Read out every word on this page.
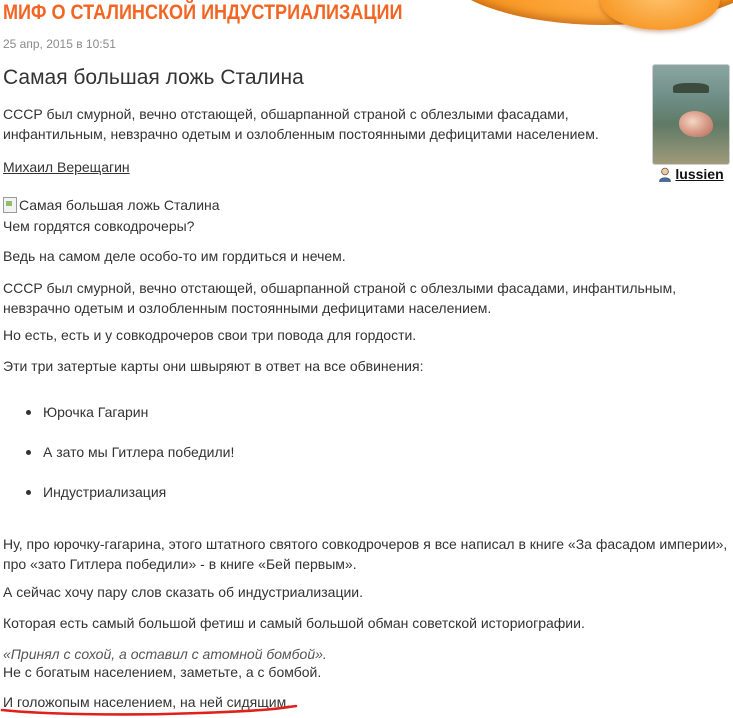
МИФ О СТАЛИНСКОЙ ИНДУСТРИАЛИЗАЦИИ
25 апр, 2015 в 10:51
Самая большая ложь Сталина
lussien

СССР был смурной, вечно отстающей, обшарпанной страной с облезлыми фасадами, инфантильным, невзрачно одетым и озлобленным постоянными дефицитами населением.

Михаил Верещагин
Самая большая ложь Сталина

Чем гордятся совкодрочеры?

Ведь на самом деле особо-то им гордиться и нечем.

СССР был смурной, вечно отстающей, обшарпанной страной с облезлыми фасадами, инфантильным, невзрачно одетым и озлобленным постоянными дефицитами населением.

Но есть, есть и у совкодрочеров свои три повода для гордости.

Эти три затертые карты они швыряют в ответ на все обвинения:

Юрочка Гагарин
А зато мы Гитлера победили!
Индустриализация

Ну, про юрочку-гагарина, этого штатного святого совкодрочеров я все написал в книге «За фасадом империи», про «зато Гитлера победили» - в книге «Бей первым».

А сейчас хочу пару слов сказать об индустриализации.

Которая есть самый большой фетиш и самый большой обман советской историографии.

«Принял с сохой, а оставил с атомной бомбой».

Не с богатым населением, заметьте, а с бомбой.

И голожопым населением, на ней сидящим.
